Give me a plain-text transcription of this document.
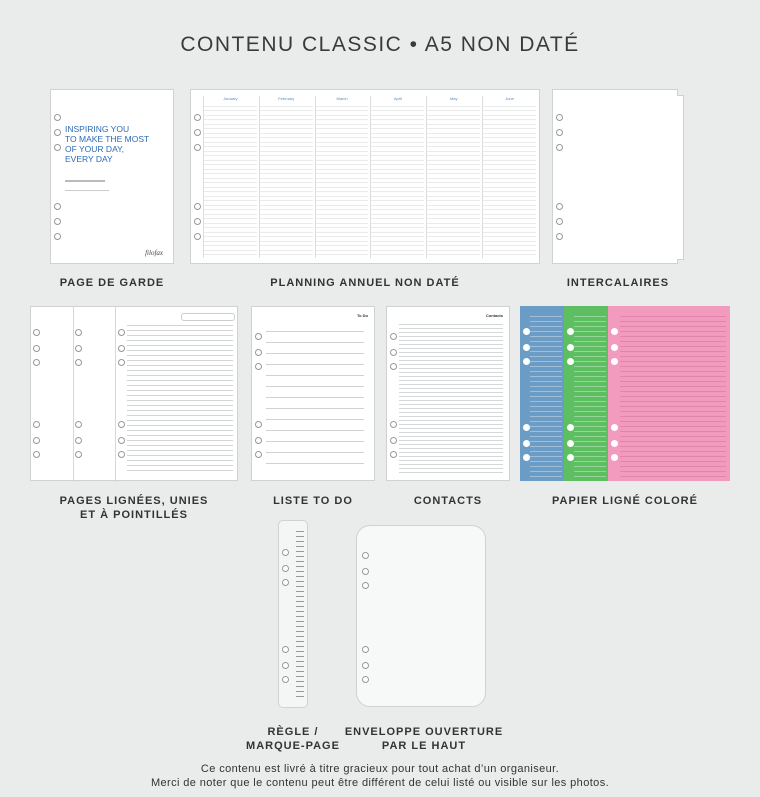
CONTENU CLASSIC • A5 NON DATÉ
INSPIRING YOU
TO MAKE THE MOST
OF YOUR DAY,
EVERY DAY
filofax
PAGE DE GARDE
January	February	March	April	May	June
PLANNING ANNUEL NON DATÉ	INTERCALAIRES
PAGES LIGNÉES, UNIES
ET À POINTILLÉS
To Do
LISTE TO DO
Contacts
CONTACTS	PAPIER LIGNÉ COLORÉ
RÈGLE /
MARQUE-PAGE
ENVELOPPE OUVERTURE
PAR LE HAUT
Ce contenu est livré à titre gracieux pour tout achat d’un organiseur.
Merci de noter que le contenu peut être différent de celui listé ou visible sur les photos.
